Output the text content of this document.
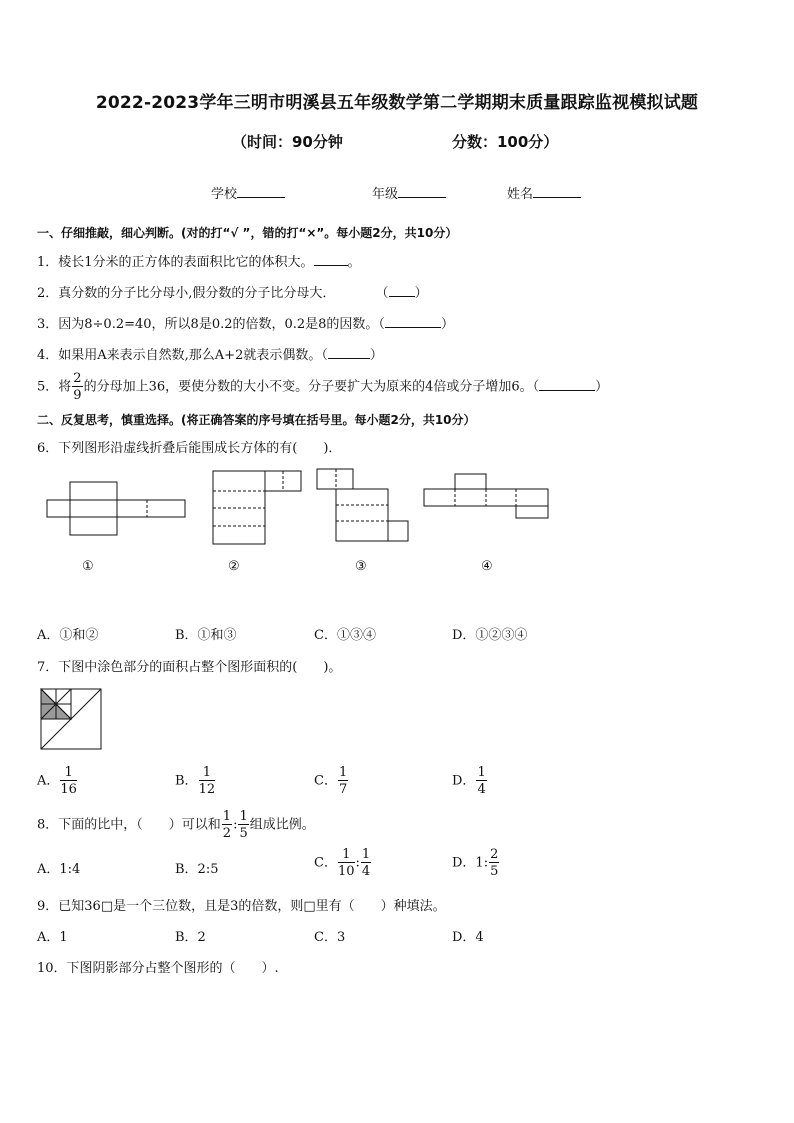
2022-2023学年三明市明溪县五年级数学第二学期期末质量跟踪监视模拟试题
（时间：90分钟	分数：100分）
学校	年级	姓名
一、仔细推敲，细心判断。(对的打“√ ”，错的打“×”。每小题2分，共10分）
1．棱长1分米的正方体的表面积比它的体积大。	。
2．真分数的分子比分母小,假分数的分子比分母大．	（ ）
3．因为8÷0.2=40，所以8是0.2的倍数，0.2是8的因数。（	）
4．如果用A来表示自然数,那么A+2就表示偶数。（	）
5．将 $\frac{2}{9}$ 的分母加上36，要使分数的大小不变。分子要扩大为原来的4倍或分子增加6。（	）
二、反复思考，慎重选择。(将正确答案的序号填在括号里。每小题2分，共10分）
6．下列图形沿虚线折叠后能围成长方体的有(　　)．
①	②	③	④
A．①和②	B．①和③	C．①③④	D．①②③④
7．下图中涂色部分的面积占整个图形面积的(　　)。
A． $\frac{1}{16}$	B． $\frac{1}{12}$	C． $\frac{1}{7}$	D． $\frac{1}{4}$
8．下面的比中，（　　）可以和 $\frac{1}{2}$ : $\frac{1}{5}$ 组成比例。
A．1:4	B．2:5	C． $\frac{1}{10}$ : $\frac{1}{4}$	D．1: $\frac{2}{5}$
9．已知36□是一个三位数，且是3的倍数，则□里有（　　）种填法。
A．1	B．2	C．3	D．4
10．下图阴影部分占整个图形的（　　）.
